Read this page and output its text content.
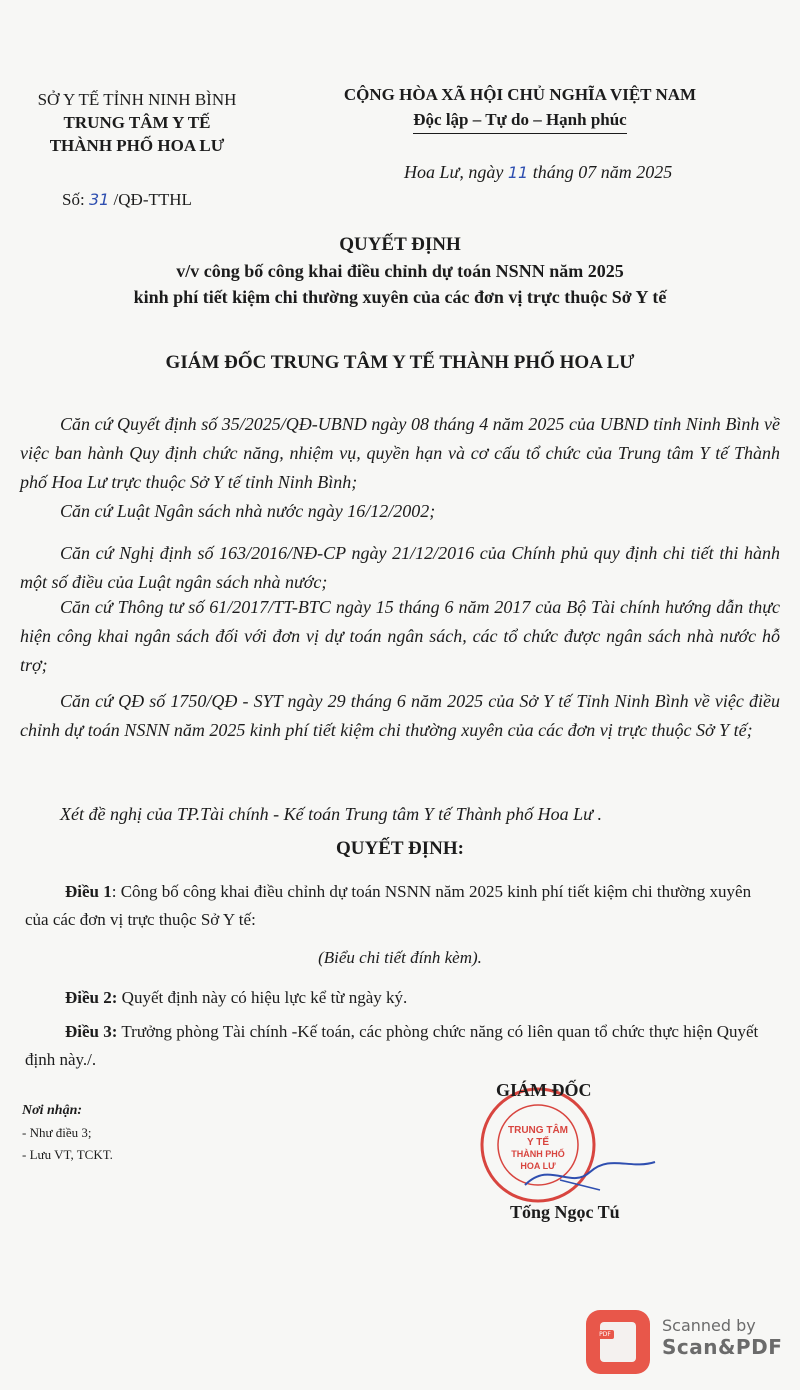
SỞ Y TẾ TỈNH NINH BÌNH
TRUNG TÂM Y TẾ
THÀNH PHỐ HOA LƯ
Số: 31 /QĐ-TTHL
CỘNG HÒA XÃ HỘI CHỦ NGHĨA VIỆT NAM
Độc lập – Tự do – Hạnh phúc
Hoa Lư, ngày 11 tháng 07 năm 2025
QUYẾT ĐỊNH
v/v công bố công khai điều chỉnh dự toán NSNN năm 2025
kinh phí tiết kiệm chi thường xuyên của các đơn vị trực thuộc Sở Y tế
GIÁM ĐỐC TRUNG TÂM Y TẾ THÀNH PHỐ HOA LƯ
Căn cứ Quyết định số 35/2025/QĐ-UBND ngày 08 tháng 4 năm 2025 của UBND tỉnh Ninh Bình về việc ban hành Quy định chức năng, nhiệm vụ, quyền hạn và cơ cấu tổ chức của Trung tâm Y tế Thành phố Hoa Lư trực thuộc Sở Y tế tỉnh Ninh Bình;
Căn cứ Luật Ngân sách nhà nước ngày 16/12/2002;
Căn cứ Nghị định số 163/2016/NĐ-CP ngày 21/12/2016 của Chính phủ quy định chi tiết thi hành một số điều của Luật ngân sách nhà nước;
Căn cứ Thông tư số 61/2017/TT-BTC ngày 15 tháng 6 năm 2017 của Bộ Tài chính hướng dẫn thực hiện công khai ngân sách đối với đơn vị dự toán ngân sách, các tổ chức được ngân sách nhà nước hỗ trợ;
Căn cứ QĐ số 1750/QĐ - SYT ngày 29 tháng 6 năm 2025 của Sở Y tế Tỉnh Ninh Bình về việc điều chỉnh dự toán NSNN năm 2025 kinh phí tiết kiệm chi thường xuyên của các đơn vị trực thuộc Sở Y tế;
Xét đề nghị của TP.Tài chính - Kế toán Trung tâm Y tế Thành phố Hoa Lư .
QUYẾT ĐỊNH:
Điều 1: Công bố công khai điều chỉnh dự toán NSNN năm 2025 kinh phí tiết kiệm chi thường xuyên của các đơn vị trực thuộc Sở Y tế:
(Biểu chi tiết đính kèm).
Điều 2: Quyết định này có hiệu lực kể từ ngày ký.
Điều 3: Trưởng phòng Tài chính -Kế toán, các phòng chức năng có liên quan tổ chức thực hiện Quyết định này./.
Nơi nhận:
- Như điều 3;
- Lưu VT, TCKT.
TRUNG TÂM
Y TẾ
THÀNH PHỐ
HOA LƯ
GIÁM ĐỐC
Tống Ngọc Tú
PDF	Scanned by
Scan&PDF
